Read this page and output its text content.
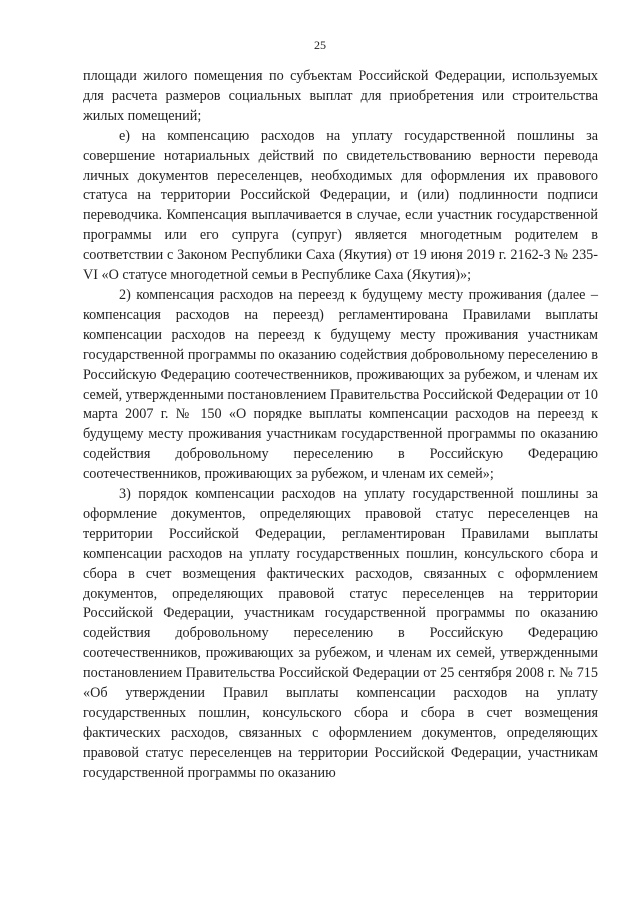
25

площади жилого помещения по субъектам Российской Федерации, используемых для расчета размеров социальных выплат для приобретения или строительства жилых помещений;

е) на компенсацию расходов на уплату государственной пошлины за совершение нотариальных действий по свидетельствованию верности перевода личных документов переселенцев, необходимых для оформления их правового статуса на территории Российской Федерации, и (или) подлинности подписи переводчика. Компенсация выплачивается в случае, если участник государственной программы или его супруга (супруг) является многодетным родителем в соответствии с Законом Республики Саха (Якутия) от 19 июня 2019 г. 2162-З № 235-VI «О статусе многодетной семьи в Республике Саха (Якутия)»;

2) компенсация расходов на переезд к будущему месту проживания (далее – компенсация расходов на переезд) регламентирована Правилами выплаты компенсации расходов на переезд к будущему месту проживания участникам государственной программы по оказанию содействия добровольному переселению в Российскую Федерацию соотечественников, проживающих за рубежом, и членам их семей, утвержденными постановлением Правительства Российской Федерации от 10 марта 2007 г. № 150 «О порядке выплаты компенсации расходов на переезд к будущему месту проживания участникам государственной программы по оказанию содействия добровольному переселению в Российскую Федерацию соотечественников, проживающих за рубежом, и членам их семей»;

3) порядок компенсации расходов на уплату государственной пошлины за оформление документов, определяющих правовой статус переселенцев на территории Российской Федерации, регламентирован Правилами выплаты компенсации расходов на уплату государственных пошлин, консульского сбора и сбора в счет возмещения фактических расходов, связанных с оформлением документов, определяющих правовой статус переселенцев на территории Российской Федерации, участникам государственной программы по оказанию содействия добровольному переселению в Российскую Федерацию соотечественников, проживающих за рубежом, и членам их семей, утвержденными постановлением Правительства Российской Федерации от 25 сентября 2008 г. № 715 «Об утверждении Правил выплаты компенсации расходов на уплату государственных пошлин, консульского сбора и сбора в счет возмещения фактических расходов, связанных с оформлением документов, определяющих правовой статус переселенцев на территории Российской Федерации, участникам государственной программы по оказанию
